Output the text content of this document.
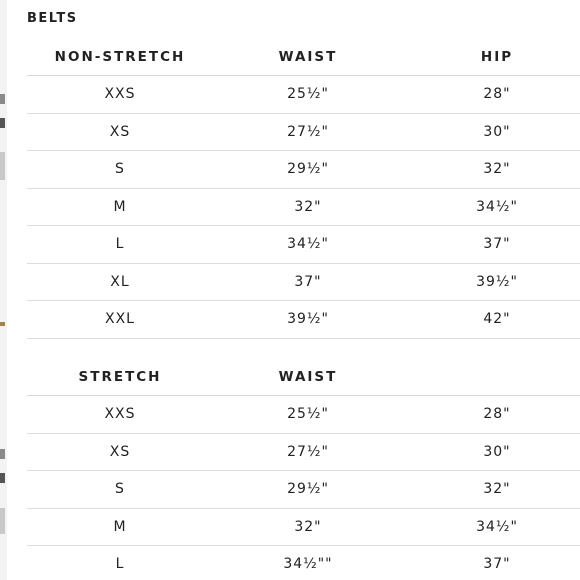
BELTS
NON-STRETCH	WAIST	HIP
XXS	25½"	28"
XS	27½"	30"
S	29½"	32"
M	32"	34½"
L	34½"	37"
XL	37"	39½"
XXL	39½"	42"
STRETCH	WAIST
XXS	25½"	28"
XS	27½"	30"
S	29½"	32"
M	32"	34½"
L	34½""	37"
